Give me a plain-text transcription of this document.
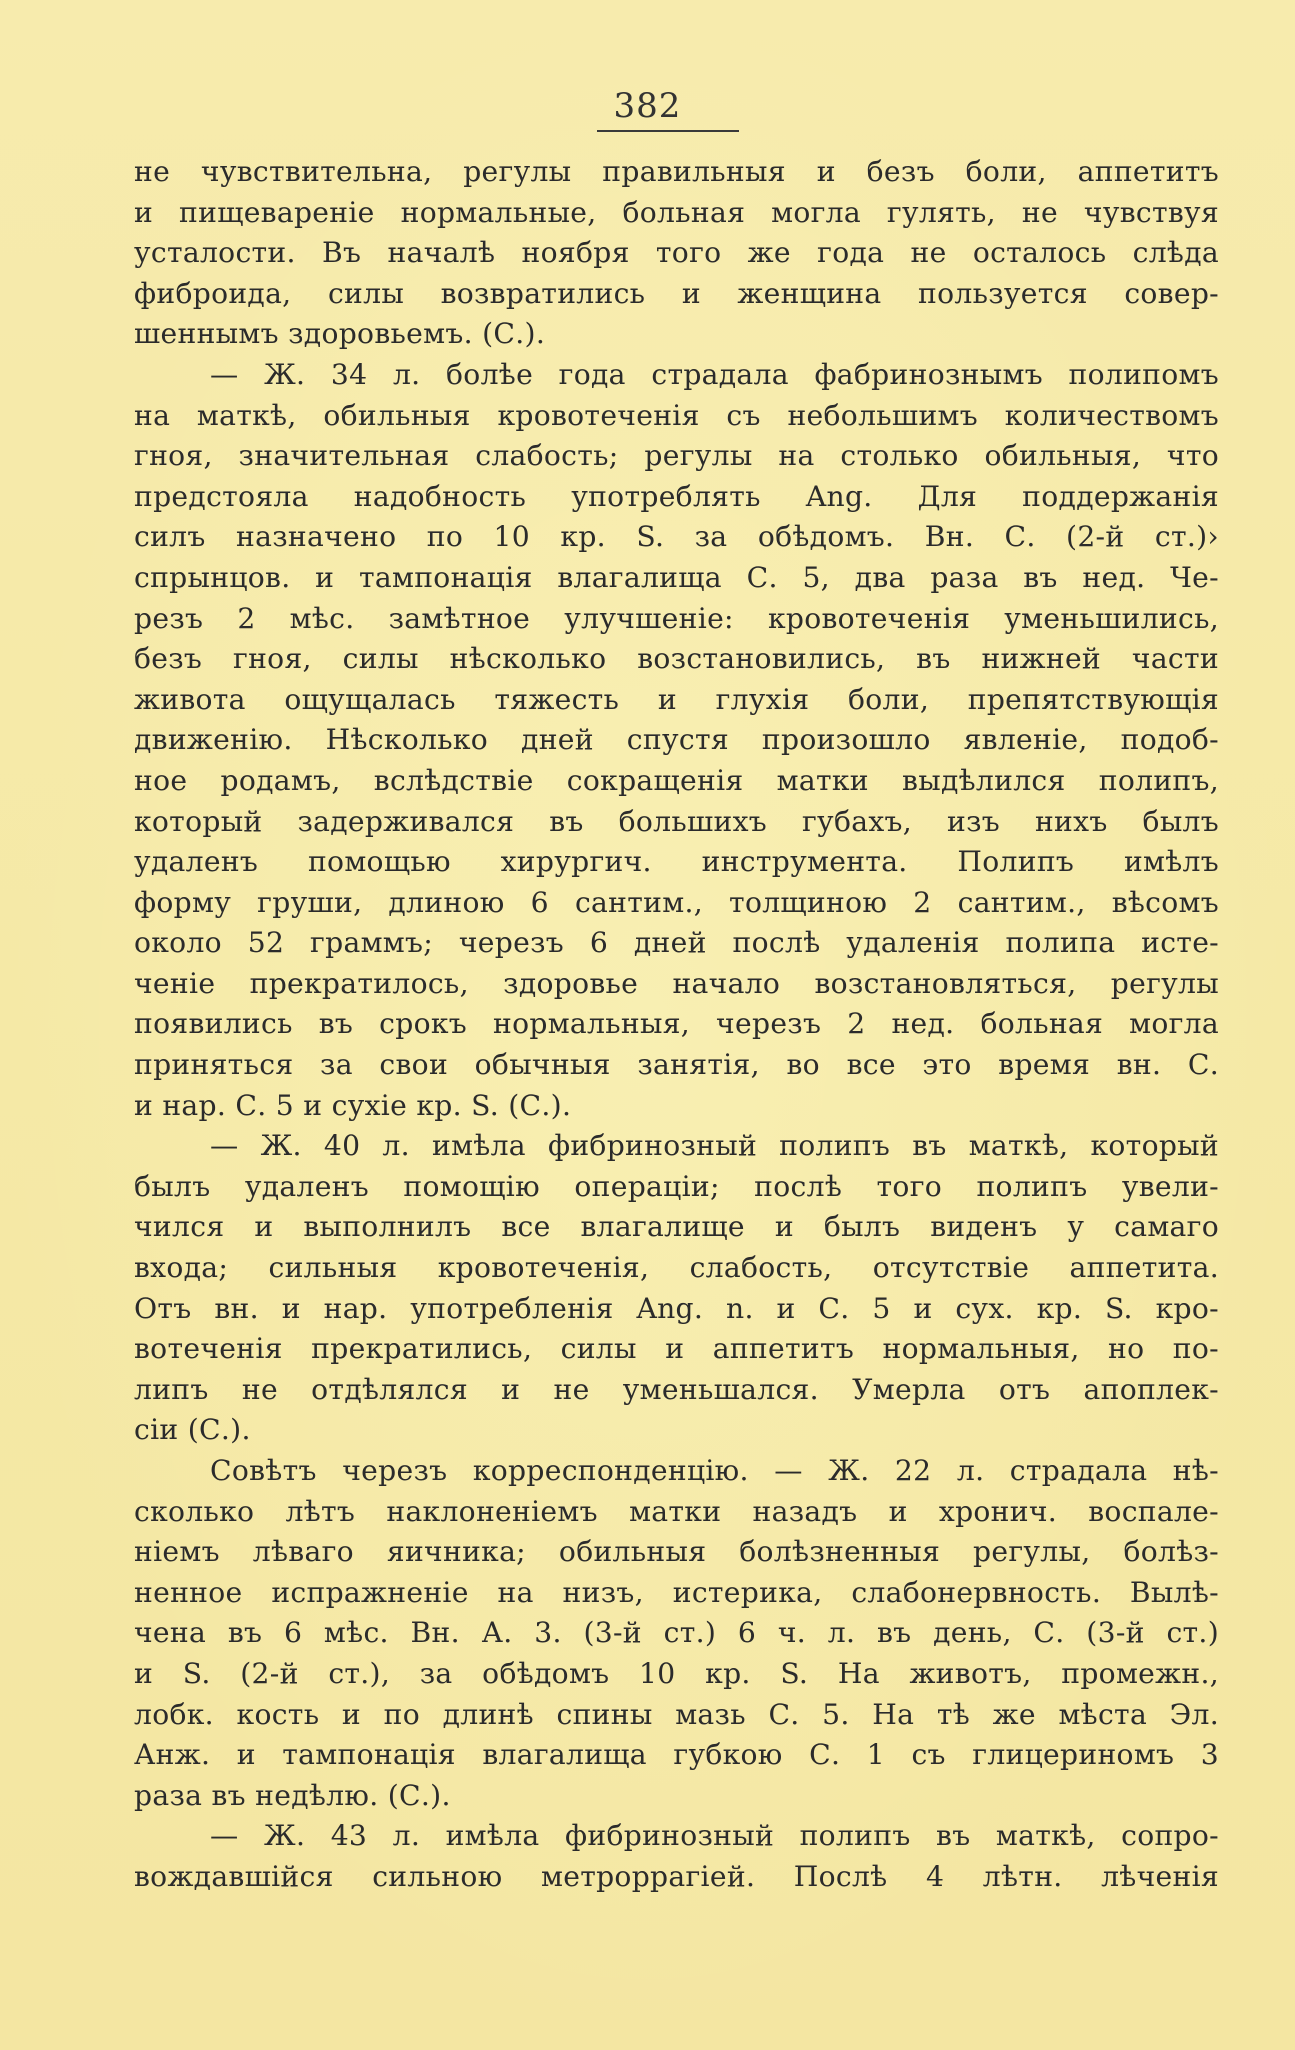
382
не чувствительна, регулы правильныя и безъ боли, аппетитъ
и пищевареніе нормальные, больная могла гулять, не чувствуя
усталости. Въ началѣ ноября того же года не осталось слѣда
фиброида, силы возвратились и женщина пользуется совер-
шеннымъ здоровьемъ. (С.).
— Ж. 34 л. болѣе года страдала фабринознымъ полипомъ
на маткѣ, обильныя кровотеченія съ небольшимъ количествомъ
гноя, значительная слабость; регулы на столько обильныя, что
предстояла надобность употреблять Ang. Для поддержанія
силъ назначено по 10 кр. S. за обѣдомъ. Вн. С. (2-й ст.)›
спрынцов. и тампонація влагалища С. 5, два раза въ нед. Че-
резъ 2 мѣс. замѣтное улучшеніе: кровотеченія уменьшились,
безъ гноя, силы нѣсколько возстановились, въ нижней части
живота ощущалась тяжесть и глухія боли, препятствующія
движенію. Нѣсколько дней спустя произошло явленіе, подоб-
ное родамъ, вслѣдствіе сокращенія матки выдѣлился полипъ,
который задерживался въ большихъ губахъ, изъ нихъ былъ
удаленъ помощью хирургич. инструмента. Полипъ имѣлъ
форму груши, длиною 6 сантим., толщиною 2 сантим., вѣсомъ
около 52 граммъ; черезъ 6 дней послѣ удаленія полипа исте-
ченіе прекратилось, здоровье начало возстановляться, регулы
появились въ срокъ нормальныя, черезъ 2 нед. больная могла
приняться за свои обычныя занятія, во все это время вн. С.
и нар. С. 5 и сухіе кр. S. (С.).
— Ж. 40 л. имѣла фибринозный полипъ въ маткѣ, который
былъ удаленъ помощію операціи; послѣ того полипъ увели-
чился и выполнилъ все влагалище и былъ виденъ у самаго
входа; сильныя кровотеченія, слабость, отсутствіе аппетита.
Отъ вн. и нар. употребленія Ang. n. и С. 5 и сух. кр. S. кро-
вотеченія прекратились, силы и аппетитъ нормальныя, но по-
липъ не отдѣлялся и не уменьшался. Умерла отъ апоплек-
сіи (С.).
Совѣтъ черезъ корреспонденцію. — Ж. 22 л. страдала нѣ-
сколько лѣтъ наклоненіемъ матки назадъ и хронич. воспале-
ніемъ лѣваго яичника; обильныя болѣзненныя регулы, болѣз-
ненное испражненіе на низъ, истерика, слабонервность. Вылѣ-
чена въ 6 мѣс. Вн. А. 3. (3-й ст.) 6 ч. л. въ день, С. (3-й ст.)
и S. (2-й ст.), за обѣдомъ 10 кр. S. На животъ, промежн.,
лобк. кость и по длинѣ спины мазь С. 5. На тѣ же мѣста Эл.
Анж. и тампонація влагалища губкою С. 1 съ глицериномъ 3
раза въ недѣлю. (С.).
— Ж. 43 л. имѣла фибринозный полипъ въ маткѣ, сопро-
вождавшійся сильною метроррагіей. Послѣ 4 лѣтн. лѣченія
